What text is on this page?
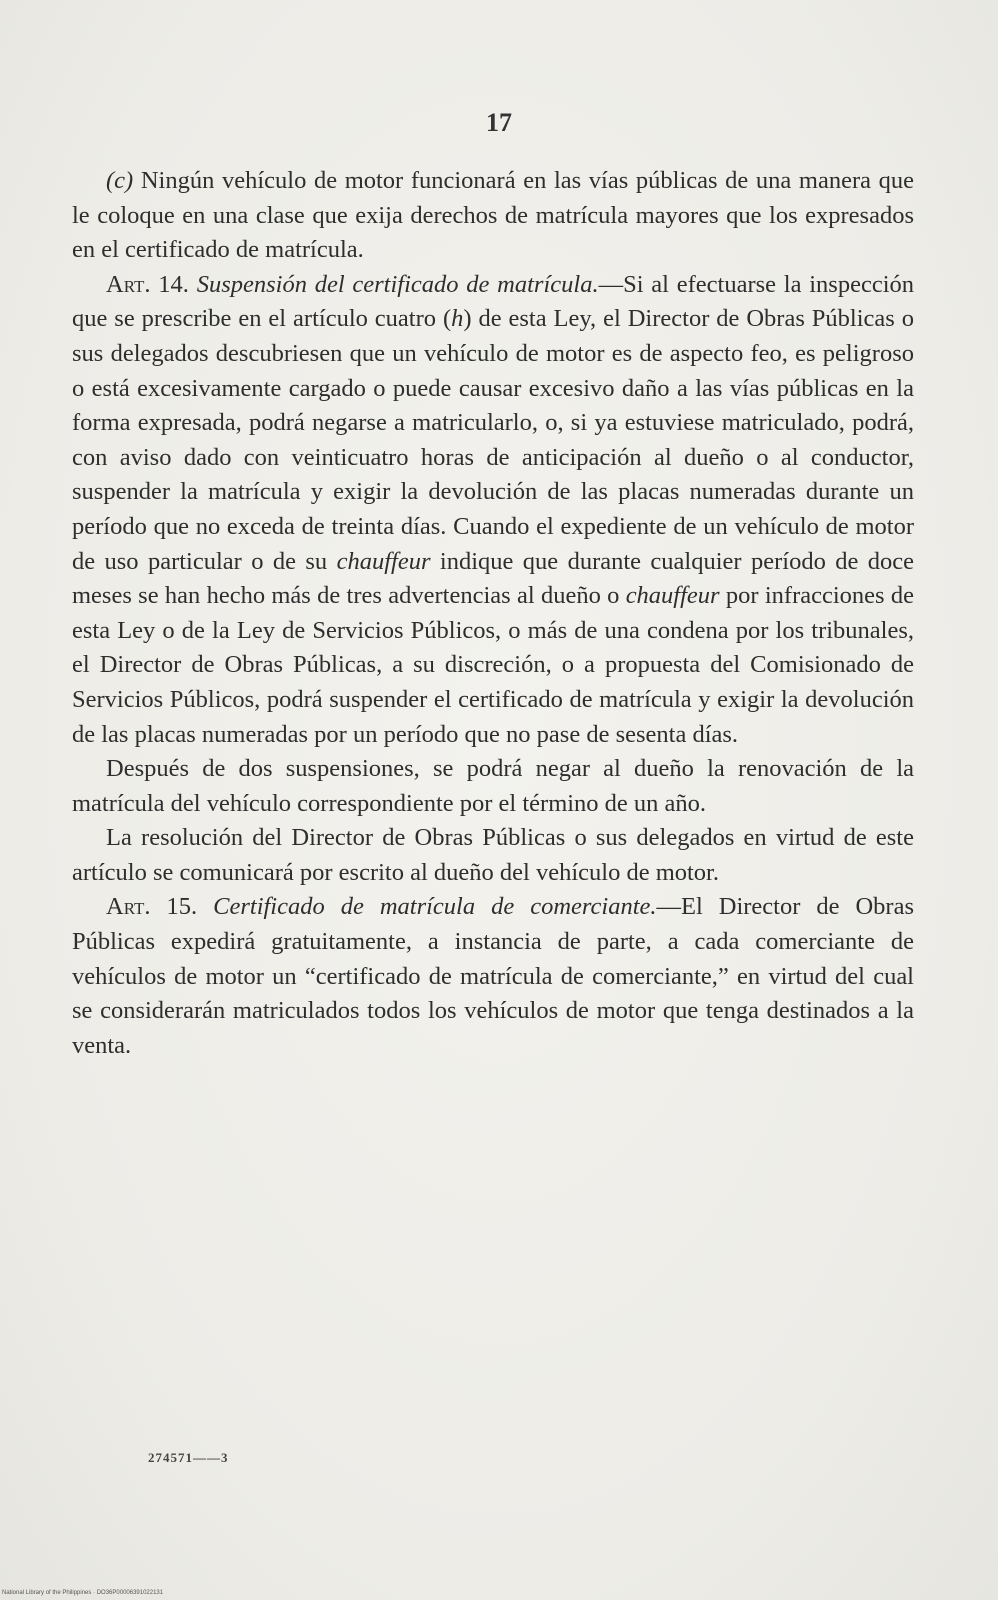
17

(c) Ningún vehículo de motor funcionará en las vías públicas de una manera que le coloque en una clase que exija derechos de matrícula mayores que los expresados en el certificado de matrícula.

Art. 14. Suspensión del certificado de matrícula.—Si al efectuarse la inspección que se prescribe en el artículo cuatro (h) de esta Ley, el Director de Obras Públicas o sus delegados descubriesen que un vehículo de motor es de aspecto feo, es peligroso o está excesivamente cargado o puede causar excesivo daño a las vías públicas en la forma expresada, podrá negarse a matricularlo, o, si ya estuviese matriculado, podrá, con aviso dado con veinticuatro horas de anticipación al dueño o al conductor, suspender la matrícula y exigir la devolución de las placas numeradas durante un período que no exceda de treinta días. Cuando el expediente de un vehículo de motor de uso particular o de su chauffeur indique que durante cualquier período de doce meses se han hecho más de tres advertencias al dueño o chauffeur por infracciones de esta Ley o de la Ley de Servicios Públicos, o más de una condena por los tribunales, el Director de Obras Públicas, a su discreción, o a propuesta del Comisionado de Servicios Públicos, podrá suspender el certificado de matrícula y exigir la devolución de las placas numeradas por un período que no pase de sesenta días.

Después de dos suspensiones, se podrá negar al dueño la renovación de la matrícula del vehículo correspondiente por el término de un año.

La resolución del Director de Obras Públicas o sus delegados en virtud de este artículo se comunicará por escrito al dueño del vehículo de motor.

Art. 15. Certificado de matrícula de comerciante.—El Director de Obras Públicas expedirá gratuitamente, a instancia de parte, a cada comerciante de vehículos de motor un “certificado de matrícula de comerciante,” en virtud del cual se considerarán matriculados todos los vehículos de motor que tenga destinados a la venta.

274571——3
National Library of the Philippines · DO36P00006391022131
